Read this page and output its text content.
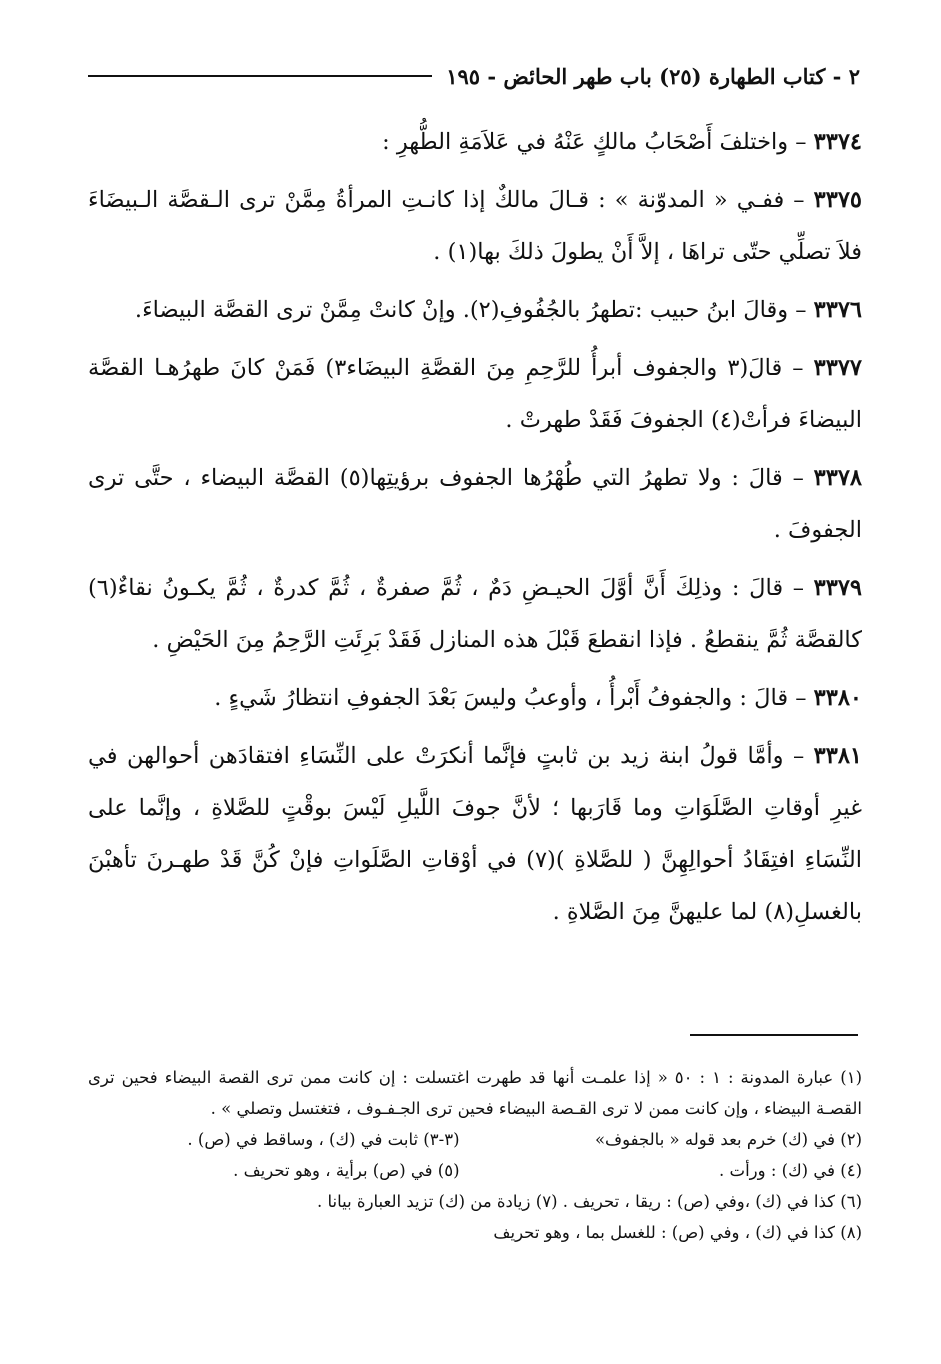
٢ - كتاب الطهارة (٢٥) باب طهر الحائض - ١٩٥

٣٣٧٤ – واختلفَ أَصْحَابُ مالكٍ عَنْهُ في عَلاَمَةِ الطُّهرِ :

٣٣٧٥ – ففـي « المدوّنة » : قـالَ مالكٌ إذا كانـتِ المرأةُ مِمَّنْ ترى الـقصَّة الـبيضَاءَ فلاَ تصلِّي حتّى تراهَا ، إلاَّ أَنْ يطولَ ذلكَ بها(١) .

٣٣٧٦ – وقالَ ابنُ حبيب :تطهرُ بالجُفُوفِ(٢). وإنْ كانتْ مِمَّنْ ترى القصَّة البيضاءَ.

٣٣٧٧ – قالَ(٣ والجفوف أبرأُ للرَّحِمِ مِنَ القصَّةِ البيضَاء٣) فَمَنْ كانَ طهرُهـا القصَّة البيضاءَ فرأتْ(٤) الجفوفَ فَقَدْ طهرتْ .

٣٣٧٨ – قالَ : ولا تطهرُ التي طُهْرُها الجفوف برؤيتِها(٥) القصَّة البيضاء ، حتَّى ترى الجفوفَ .

٣٣٧٩ – قالَ : وذلِكَ أَنَّ أوَّلَ الحيـضِ دَمٌ ، ثُمَّ صفرةٌ ، ثُمَّ كدرةٌ ، ثُمَّ يكـونُ نقاءٌ(٦) كالقصَّة ثُمَّ ينقطعُ . فإذا انقطعَ قَبْلَ هذه المنازل فَقَدْ بَرِئَتِ الرَّحِمُ مِنَ الحَيْضِ .

٣٣٨٠ – قالَ : والجفوفُ أَبْرأُ ، وأوعبُ وليسَ بَعْدَ الجفوفِ انتظارُ شَيءٍ .

٣٣٨١ – وأمَّا قولُ ابنة زيد بن ثابتٍ فإنَّما أنكرَتْ على النِّسَاءِ افتقادَهن أحوالهن في غيرِ أوقاتِ الصَّلَوَاتِ وما قَارَبها ؛ لأنَّ جوفَ اللَّيلِ لَيْسَ بوقْتٍ للصَّلاةِ ، وإنَّما على النِّسَاءِ افتِقَادُ أحوالِهِنَّ ( للصَّلاةِ )(٧) في أوْقاتِ الصَّلَواتِ فإنْ كُنَّ قَدْ طهـرنَ تأهبْنَ بالغسلِ(٨) لما عليهنَّ مِنَ الصَّلاةِ .

(١) عبارة المدونة : ١ : ٥٠ « إذا علمـت أنها قد طهرت اغتسلت : إن كانت ممن ترى القصة البيضاء فحين ترى القصـة البيضاء ، وإن كانت ممن لا ترى القـصة البيضاء فحين ترى الجـفـوف ، فتغتسل وتصلي » .

(٢) في (ك) خرم بعد قوله « بالجفوف»

(٣-٣) ثابت في (ك) ، وساقط في (ص) .

(٤) في (ك) : ورأت .

(٥) في (ص) برأية ، وهو تحريف .

(٦) كذا في (ك) ،وفي (ص) : ريقا ، تحريف . (٧) زيادة من (ك) تزيد العبارة بيانا .

(٨) كذا في (ك) ، وفي (ص) : للغسل بما ، وهو تحريف
